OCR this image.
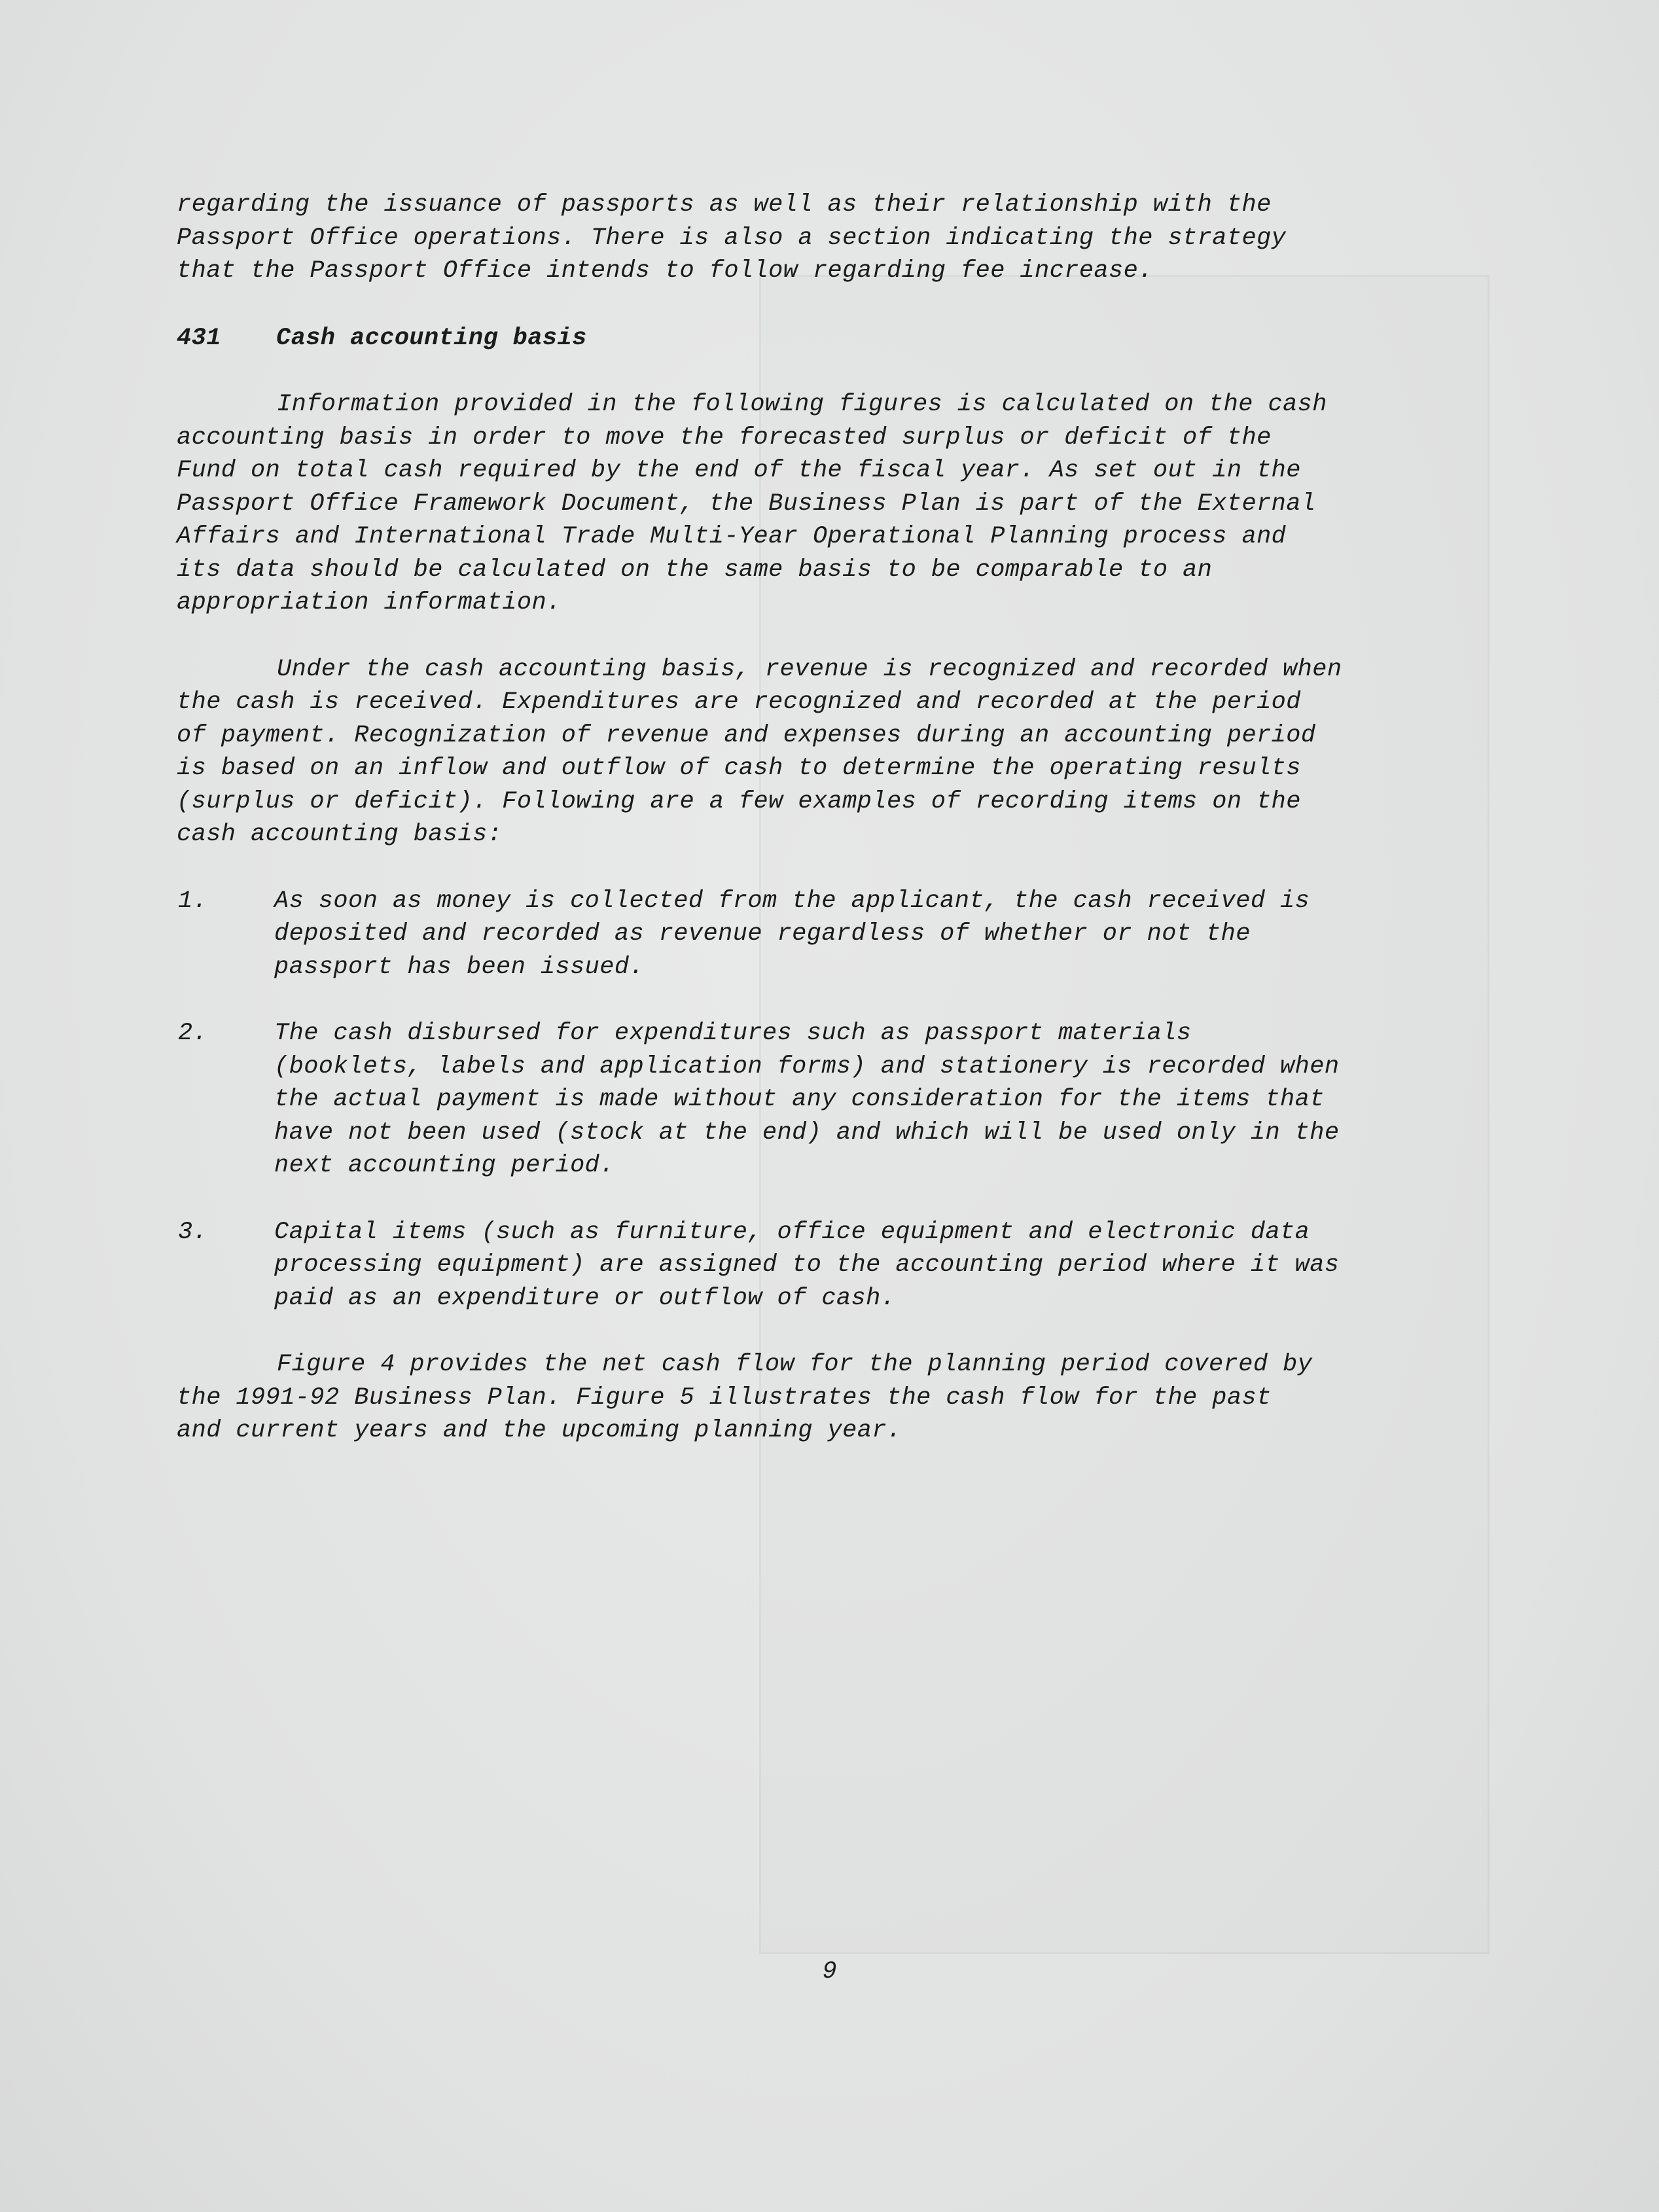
regarding the issuance of passports as well as their relationship with the
Passport Office operations. There is also a section indicating the strategy
that the Passport Office intends to follow regarding fee increase.

431	Cash accounting basis

Information provided in the following figures is calculated on the cash
accounting basis in order to move the forecasted surplus or deficit of the
Fund on total cash required by the end of the fiscal year. As set out in the
Passport Office Framework Document, the Business Plan is part of the External
Affairs and International Trade Multi-Year Operational Planning process and
its data should be calculated on the same basis to be comparable to an
appropriation information.

Under the cash accounting basis, revenue is recognized and recorded when
the cash is received. Expenditures are recognized and recorded at the period
of payment. Recognization of revenue and expenses during an accounting period
is based on an inflow and outflow of cash to determine the operating results
(surplus or deficit). Following are a few examples of recording items on the
cash accounting basis:

1.	As soon as money is collected from the applicant, the cash received is
deposited and recorded as revenue regardless of whether or not the
passport has been issued.
2.	The cash disbursed for expenditures such as passport materials
(booklets, labels and application forms) and stationery is recorded when
the actual payment is made without any consideration for the items that
have not been used (stock at the end) and which will be used only in the
next accounting period.
3.	Capital items (such as furniture, office equipment and electronic data
processing equipment) are assigned to the accounting period where it was
paid as an expenditure or outflow of cash.

Figure 4 provides the net cash flow for the planning period covered by
the 1991-92 Business Plan. Figure 5 illustrates the cash flow for the past
and current years and the upcoming planning year.

9
